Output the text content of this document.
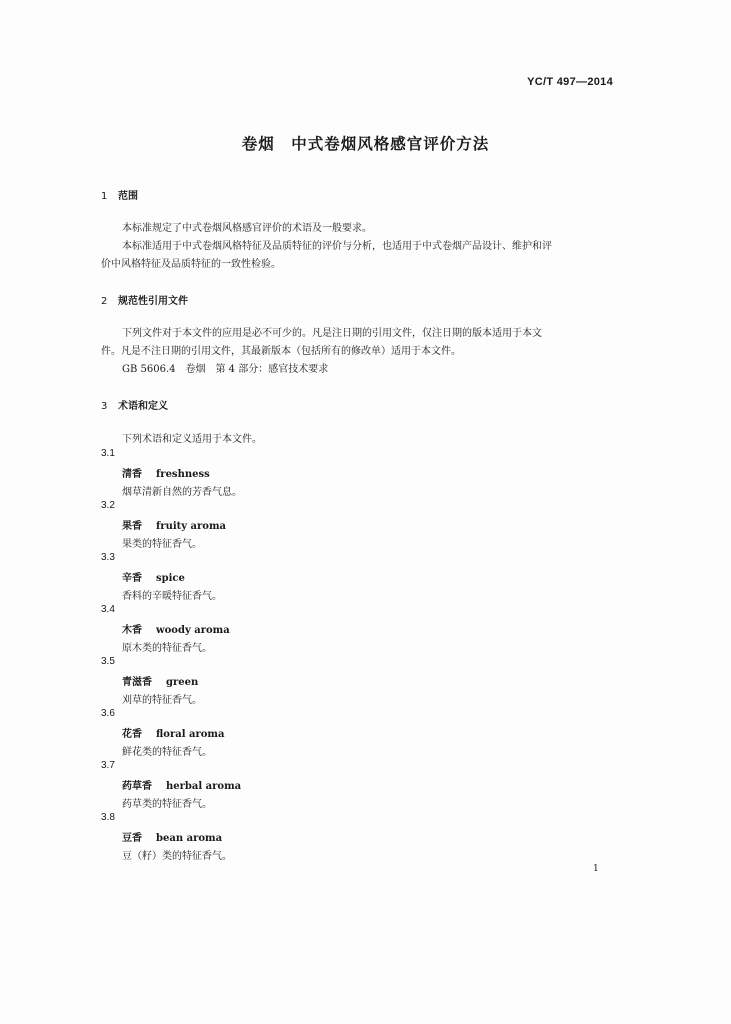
YC/T 497—2014
卷烟　中式卷烟风格感官评价方法
1 范围
本标准规定了中式卷烟风格感官评价的术语及一般要求。
本标准适用于中式卷烟风格特征及品质特征的评价与分析，也适用于中式卷烟产品设计、维护和评
价中风格特征及品质特征的一致性检验。
2 规范性引用文件
下列文件对于本文件的应用是必不可少的。凡是注日期的引用文件，仅注日期的版本适用于本文
件。凡是不注日期的引用文件，其最新版本（包括所有的修改单）适用于本文件。
GB 5606.4　卷烟　第 4 部分：感官技术要求
3 术语和定义
下列术语和定义适用于本文件。
3.1
清香 freshness
烟草清新自然的芳香气息。
3.2
果香 fruity aroma
果类的特征香气。
3.3
辛香 spice
香料的辛暖特征香气。
3.4
木香 woody aroma
原木类的特征香气。
3.5
青滋香 green
刈草的特征香气。
3.6
花香 floral aroma
鲜花类的特征香气。
3.7
药草香 herbal aroma
药草类的特征香气。
3.8
豆香 bean aroma
豆（籽）类的特征香气。
1
